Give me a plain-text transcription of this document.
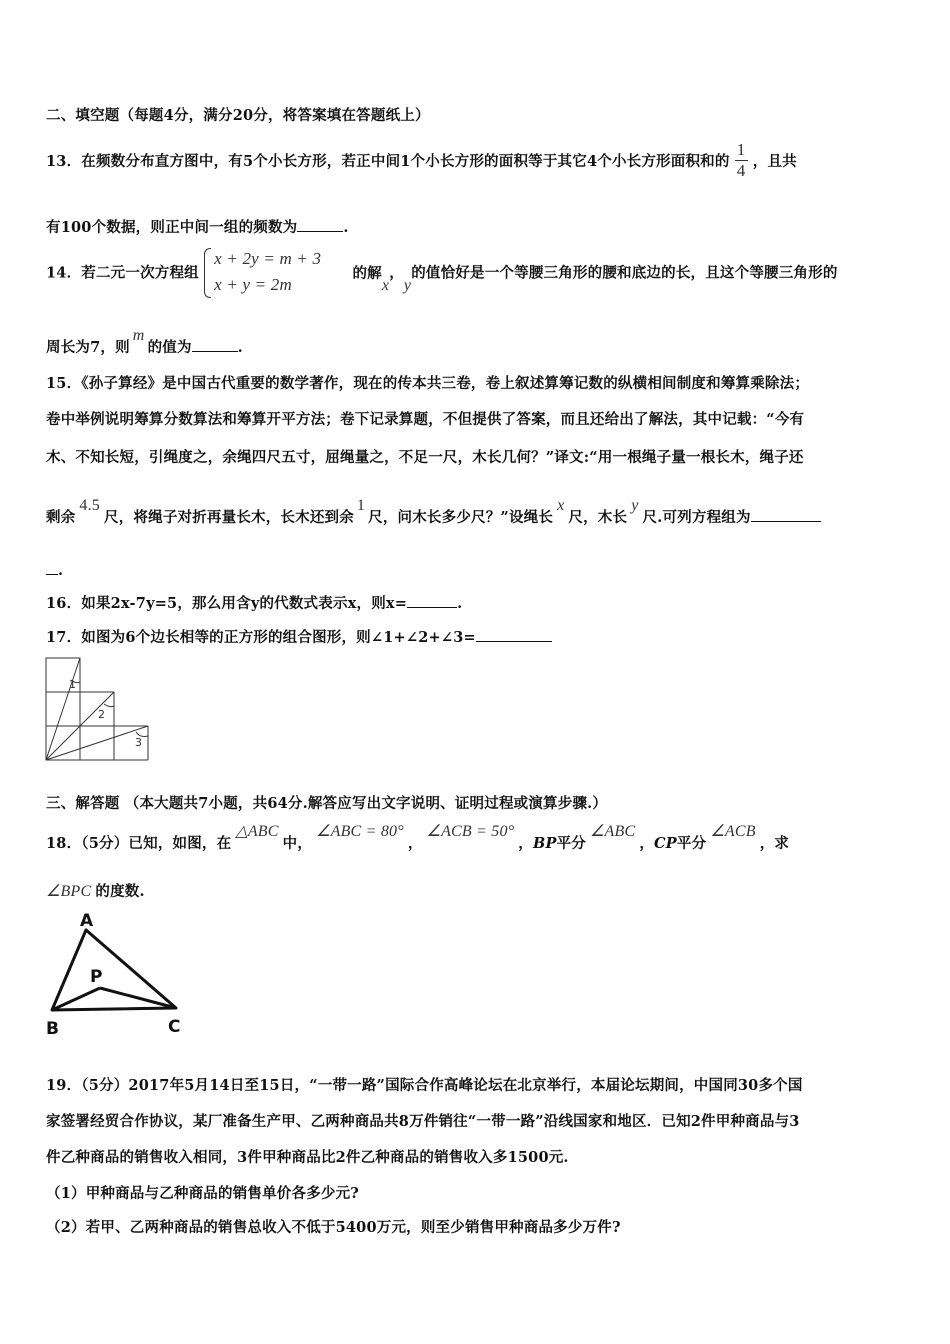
二、填空题（每题4分，满分20分，将答案填在答题纸上）
13．在频数分布直方图中，有5个小长方形，若正中间1个小长方形的面积等于其它4个小长方形面积和的 $\frac{1}{4}$ ，且共
有100个数据，则正中间一组的频数为	.
14．若二元一次方程组
x + 2y = m + 3
x + y = 2m
的解x，y的值恰好是一个等腰三角形的腰和底边的长，且这个等腰三角形的
周长为7，则m的值为	.
15．《孙子算经》是中国古代重要的数学著作，现在的传本共三卷，卷上叙述算筹记数的纵横相间制度和筹算乘除法；
卷中举例说明筹算分数算法和筹算开平方法；卷下记录算题，不但提供了答案，而且还给出了解法，其中记载：“今有
木、不知长短，引绳度之，余绳四尺五寸，屈绳量之，不足一尺，木长几何？”译文:“用一根绳子量一根长木，绳子还
剩余4.5尺，将绳子对折再量长木，长木还到余1尺，问木长多少尺？”设绳长x尺，木长y尺.可列方程组为
.
16．如果2x-7y=5，那么用含y的代数式表示x，则x=	.
17．如图为6个边长相等的正方形的组合图形，则∠1+∠2+∠3=
1
2
3
三、解答题 （本大题共7小题，共64分.解答应写出文字说明、证明过程或演算步骤.）
18．（5分）已知，如图，在△ABC中，∠ABC = 80°，∠ACB = 50°，BP平分∠ABC，CP平分∠ACB，求
∠BPC 的度数.
A
P
B	C
19．（5分）2017年5月14日至15日，“一带一路”国际合作高峰论坛在北京举行，本届论坛期间，中国同30多个国
家签署经贸合作协议，某厂准备生产甲、乙两种商品共8万件销往“一带一路”沿线国家和地区．已知2件甲种商品与3
件乙种商品的销售收入相同，3件甲种商品比2件乙种商品的销售收入多1500元.
（1）甲种商品与乙种商品的销售单价各多少元?
（2）若甲、乙两种商品的销售总收入不低于5400万元，则至少销售甲种商品多少万件?
